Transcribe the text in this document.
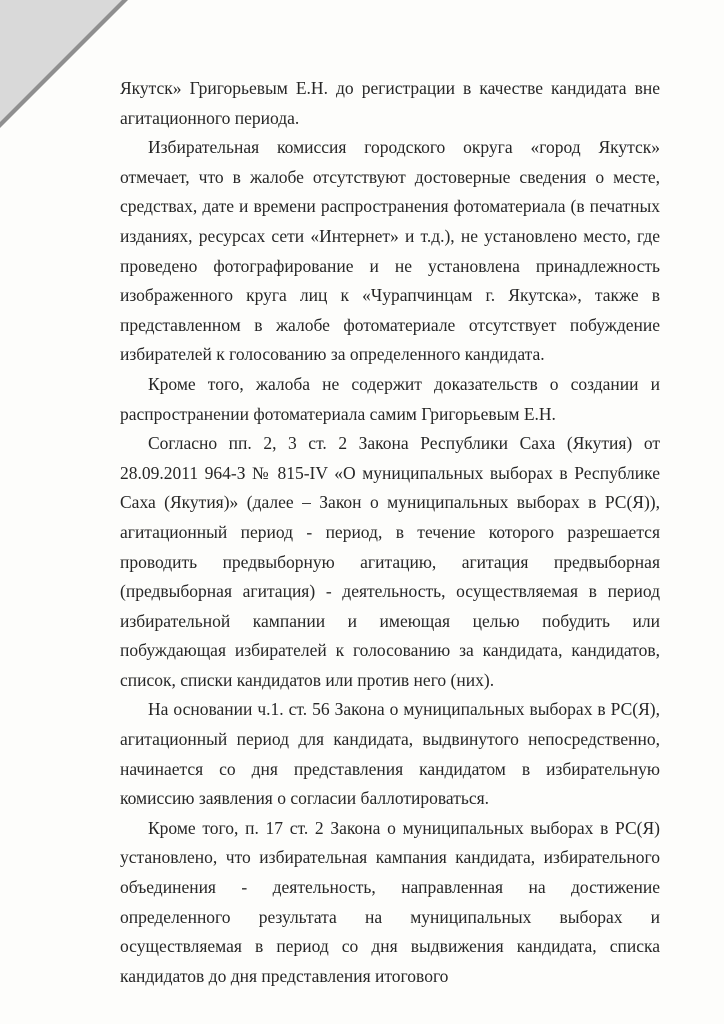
Якутск» Григорьевым Е.Н. до регистрации в качестве кандидата вне агитационного периода.

Избирательная комиссия городского округа «город Якутск» отмечает, что в жалобе отсутствуют достоверные сведения о месте, средствах, дате и времени распространения фотоматериала (в печатных изданиях, ресурсах сети «Интернет» и т.д.), не установлено место, где проведено фотографирование и не установлена принадлежность изображенного круга лиц к «Чурапчинцам г. Якутска», также в представленном в жалобе фотоматериале отсутствует побуждение избирателей к голосованию за определенного кандидата.

Кроме того, жалоба не содержит доказательств о создании и распространении фотоматериала самим Григорьевым Е.Н.

Согласно пп. 2, 3 ст. 2 Закона Республики Саха (Якутия) от 28.09.2011 964-З № 815-IV «О муниципальных выборах в Республике Саха (Якутия)» (далее – Закон о муниципальных выборах в РС(Я)), агитационный период - период, в течение которого разрешается проводить предвыборную агитацию, агитация предвыборная (предвыборная агитация) - деятельность, осуществляемая в период избирательной кампании и имеющая целью побудить или побуждающая избирателей к голосованию за кандидата, кандидатов, список, списки кандидатов или против него (них).

На основании ч.1. ст. 56 Закона о муниципальных выборах в РС(Я), агитационный период для кандидата, выдвинутого непосредственно, начинается со дня представления кандидатом в избирательную комиссию заявления о согласии баллотироваться.

Кроме того, п. 17 ст. 2 Закона о муниципальных выборах в РС(Я) установлено, что избирательная кампания кандидата, избирательного объединения - деятельность, направленная на достижение определенного результата на муниципальных выборах и осуществляемая в период со дня выдвижения кандидата, списка кандидатов до дня представления итогового
